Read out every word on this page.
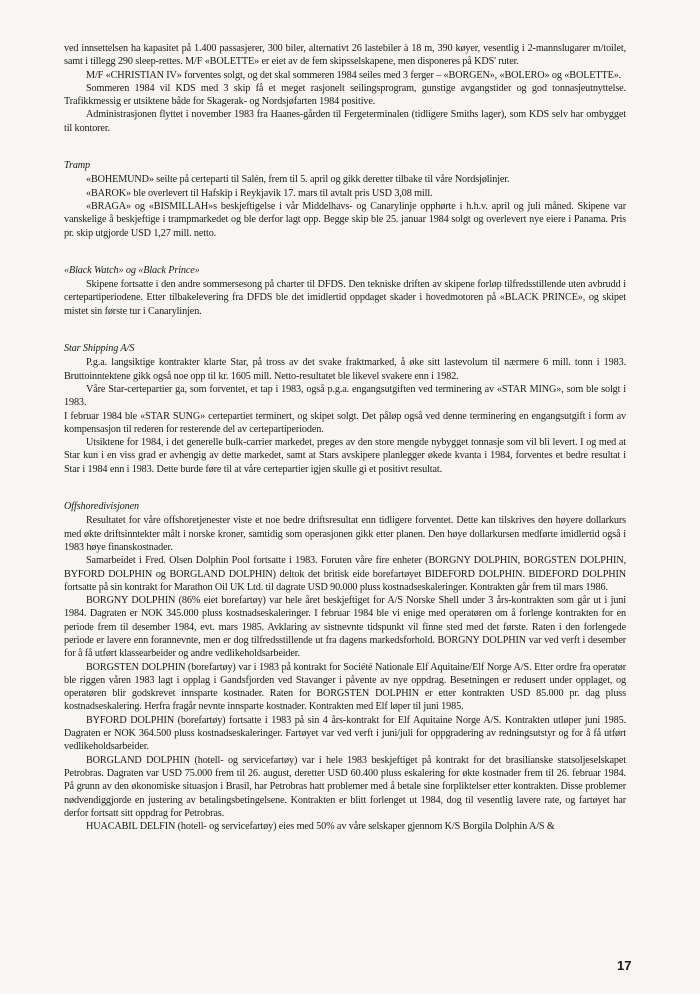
ved innsettelsen ha kapasitet på 1.400 passasjerer, 300 biler, alternativt 26 lastebiler à 18 m, 390 køyer, vesentlig i 2-mannslugarer m/toilet, samt i tillegg 290 sleep-rettes. M/F «BOLETTE» er eiet av de fem skipsselskapene, men disponeres på KDS' ruter.

M/F «CHRISTIAN IV» forventes solgt, og det skal sommeren 1984 seiles med 3 ferger – «BORGEN», «BOLERO» og «BOLETTE».

Sommeren 1984 vil KDS med 3 skip få et meget rasjonelt seilingsprogram, gunstige avgangstider og god tonnasjeutnyttelse. Trafikkmessig er utsiktene både for Skagerak- og Nordsjøfarten 1984 positive.

Administrasjonen flyttet i november 1983 fra Haanes-gården til Fergeterminalen (tidligere Smiths lager), som KDS selv har ombygget til kontorer.

Tramp

«BOHEMUND» seilte på certeparti til Salén, frem til 5. april og gikk deretter tilbake til våre Nordsjølinjer.

«BAROK» ble overlevert til Hafskip i Reykjavik 17. mars til avtalt pris USD 3,08 mill.

«BRAGA» og «BISMILLAH»s beskjeftigelse i vår Middelhavs- og Canarylinje opphørte i h.h.v. april og juli måned. Skipene var vanskelige å beskjeftige i trampmarkedet og ble derfor lagt opp. Begge skip ble 25. januar 1984 solgt og overlevert nye eiere i Panama. Pris pr. skip utgjorde USD 1,27 mill. netto.

«Black Watch» og «Black Prince»

Skipene fortsatte i den andre sommersesong på charter til DFDS. Den tekniske driften av skipene forløp tilfredsstillende uten avbrudd i certepartiperiodene. Etter tilbakelevering fra DFDS ble det imidlertid oppdaget skader i hovedmotoren på «BLACK PRINCE», og skipet mistet sin første tur i Canarylinjen.

Star Shipping A/S

P.g.a. langsiktige kontrakter klarte Star, på tross av det svake fraktmarked, å øke sitt lastevolum til nærmere 6 mill. tonn i 1983. Bruttoinntektene gikk også noe opp til kr. 1605 mill. Netto-resultatet ble likevel svakere enn i 1982.

Våre Star-certepartier ga, som forventet, et tap i 1983, også p.g.a. engangsutgiften ved terminering av «STAR MING», som ble solgt i 1983.

I februar 1984 ble «STAR SUNG» certepartiet terminert, og skipet solgt. Det påløp også ved denne terminering en engangsutgift i form av kompensasjon til rederen for resterende del av certepartiperioden.

Utsiktene for 1984, i det generelle bulk-carrier markedet, preges av den store mengde nybygget tonnasje som vil bli levert. I og med at Star kun i en viss grad er avhengig av dette markedet, samt at Stars avskipere planlegger økede kvanta i 1984, forventes et bedre resultat i Star i 1984 enn i 1983. Dette burde føre til at våre certepartier igjen skulle gi et positivt resultat.

Offshoredivisjonen

Resultatet for våre offshoretjenester viste et noe bedre driftsresultat enn tidligere forventet. Dette kan tilskrives den høyere dollarkurs med økte driftsinntekter målt i norske kroner, samtidig som operasjonen gikk etter planen. Den høye dollarkursen medførte imidlertid også i 1983 høye finanskostnader.

Samarbeidet i Fred. Olsen Dolphin Pool fortsatte i 1983. Foruten våre fire enheter (BORGNY DOLPHIN, BORGSTEN DOLPHIN, BYFORD DOLPHIN og BORGLAND DOLPHIN) deltok det britisk eide borefartøyet BIDEFORD DOLPHIN. BIDEFORD DOLPHIN fortsatte på sin kontrakt for Marathon Oil UK Ltd. til dagrate USD 90.000 pluss kostnadseskaleringer. Kontrakten går frem til mars 1986.

BORGNY DOLPHIN (86% eiet borefartøy) var hele året beskjeftiget for A/S Norske Shell under 3 års-kontrakten som går ut i juni 1984. Dagraten er NOK 345.000 pluss kostnadseskaleringer. I februar 1984 ble vi enige med operatøren om å forlenge kontrakten for en periode frem til desember 1984, evt. mars 1985. Avklaring av sistnevnte tidspunkt vil finne sted med det første. Raten i den forlengede periode er lavere enn forannevnte, men er dog tilfredsstillende ut fra dagens markedsforhold. BORGNY DOLPHIN var ved verft i desember for å få utført klassearbeider og andre vedlikeholdsarbeider.

BORGSTEN DOLPHIN (borefartøy) var i 1983 på kontrakt for Société Nationale Elf Aquitaine/Elf Norge A/S. Etter ordre fra operatør ble riggen våren 1983 lagt i opplag i Gandsfjorden ved Stavanger i påvente av nye oppdrag. Besetningen er redusert under opplaget, og operatøren blir godskrevet innsparte kostnader. Raten for BORGSTEN DOLPHIN er etter kontrakten USD 85.000 pr. dag pluss kostnadseskalering. Herfra fragår nevnte innsparte kostnader. Kontrakten med Elf løper til juni 1985.

BYFORD DOLPHIN (borefartøy) fortsatte i 1983 på sin 4 års-kontrakt for Elf Aquitaine Norge A/S. Kontrakten utløper juni 1985. Dagraten er NOK 364.500 pluss kostnadseskaleringer. Fartøyet var ved verft i juni/juli for oppgradering av redningsutstyr og for å få utført vedlikeholdsarbeider.

BORGLAND DOLPHIN (hotell- og servicefartøy) var i hele 1983 beskjeftiget på kontrakt for det brasilianske statsoljeselskapet Petrobras. Dagraten var USD 75.000 frem til 26. august, deretter USD 60.400 pluss eskalering for økte kostnader frem til 26. februar 1984. På grunn av den økonomiske situasjon i Brasil, har Petrobras hatt problemer med å betale sine forpliktelser etter kontrakten. Disse problemer nødvendiggjorde en justering av betalingsbetingelsene. Kontrakten er blitt forlenget ut 1984, dog til vesentlig lavere rate, og fartøyet har derfor fortsatt sitt oppdrag for Petrobras.

HUACABIL DELFIN (hotell- og servicefartøy) eies med 50% av våre selskaper gjennom K/S Borgila Dolphin A/S &

17
